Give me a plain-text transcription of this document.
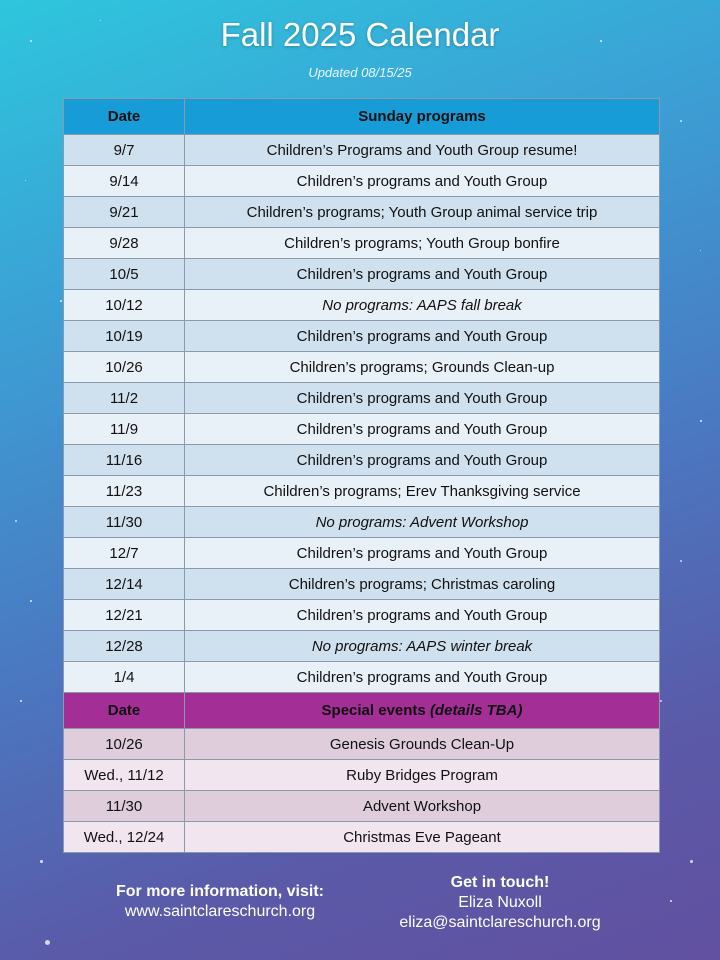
Fall 2025 Calendar
Updated 08/15/25
Date	Sunday programs
9/7	Children’s Programs and Youth Group resume!
9/14	Children’s programs and Youth Group
9/21	Children’s programs; Youth Group animal service trip
9/28	Children’s programs; Youth Group bonfire
10/5	Children’s programs and Youth Group
10/12	No programs: AAPS fall break
10/19	Children’s programs and Youth Group
10/26	Children’s programs; Grounds Clean-up
11/2	Children’s programs and Youth Group
11/9	Children’s programs and Youth Group
11/16	Children’s programs and Youth Group
11/23	Children’s programs; Erev Thanksgiving service
11/30	No programs: Advent Workshop
12/7	Children’s programs and Youth Group
12/14	Children’s programs; Christmas caroling
12/21	Children’s programs and Youth Group
12/28	No programs: AAPS winter break
1/4	Children’s programs and Youth Group
Date	Special events (details TBA)
10/26	Genesis Grounds Clean-Up
Wed., 11/12	Ruby Bridges Program
11/30	Advent Workshop
Wed., 12/24	Christmas Eve Pageant
For more information, visit:
www.saintclareschurch.org
Get in touch!
Eliza Nuxoll
eliza@saintclareschurch.org
